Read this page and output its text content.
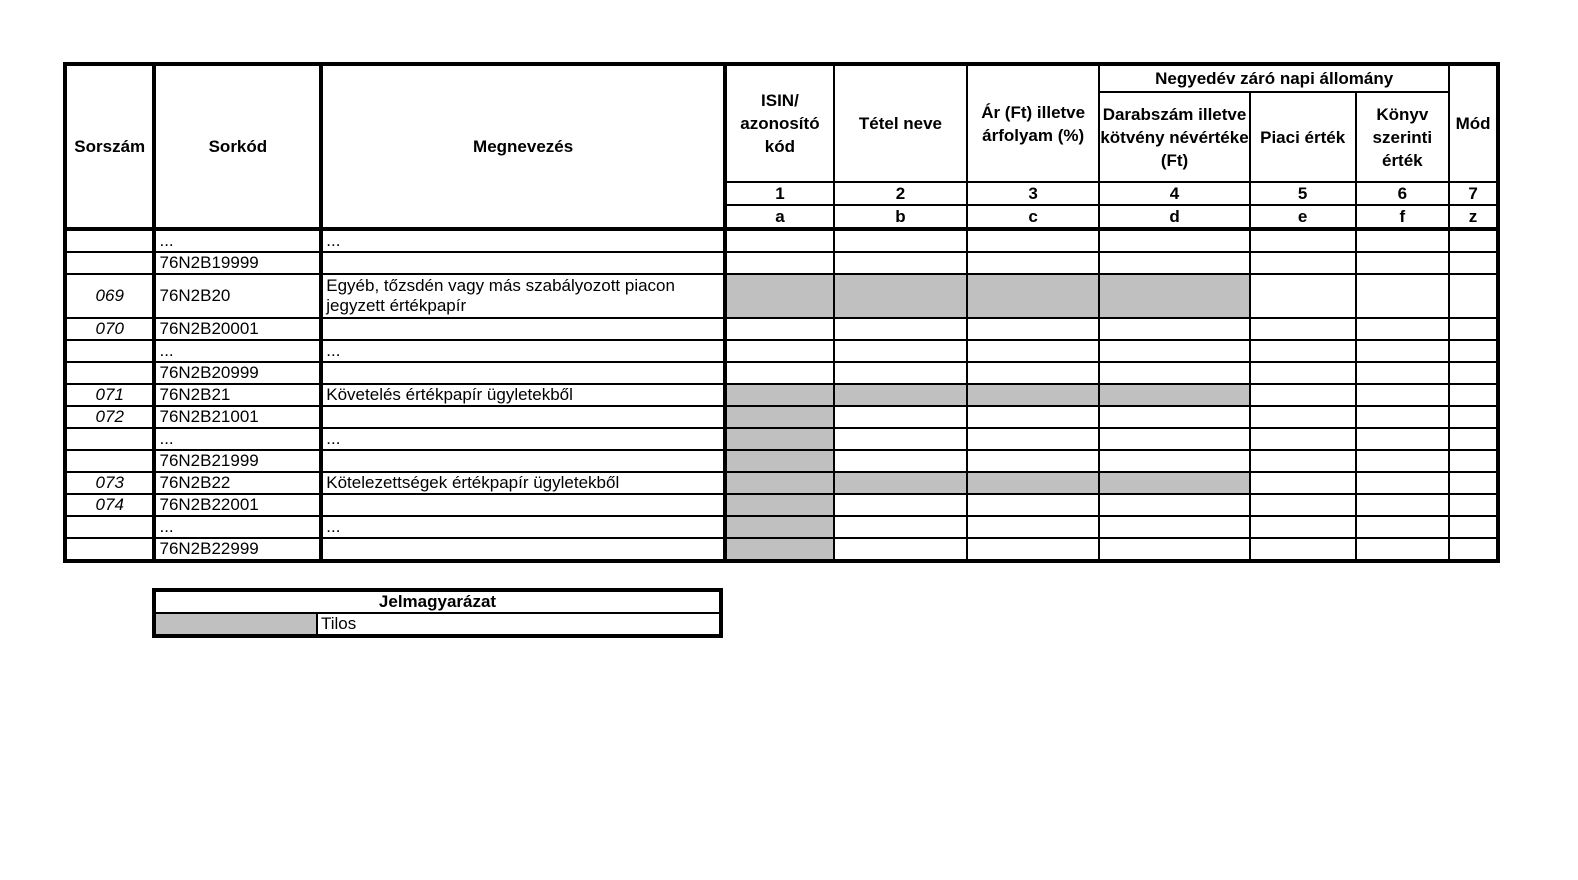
Sorszám	Sorkód	Megnevezés	ISIN/ azonosító kód	Tétel neve	Ár (Ft) illetve árfolyam (%)	Negyedév záró napi állomány			Mód
						Darabszám illetve kötvény névértéke (Ft)	Piaci érték	Könyv szerinti érték	
			1	2	3	4	5	6	7
			a	b	c	d	e	f	z
	...	...							
	76N2B19999								
069	76N2B20	Egyéb, tőzsdén vagy más szabályozott piacon jegyzett értékpapír							
070	76N2B20001								
	...	...							
	76N2B20999								
071	76N2B21	Követelés értékpapír ügyletekből							
072	76N2B21001								
	...	...							
	76N2B21999								
073	76N2B22	Kötelezettségek értékpapír ügyletekből							
074	76N2B22001								
	...	...							
	76N2B22999								
Jelmagyarázat
	Tilos
